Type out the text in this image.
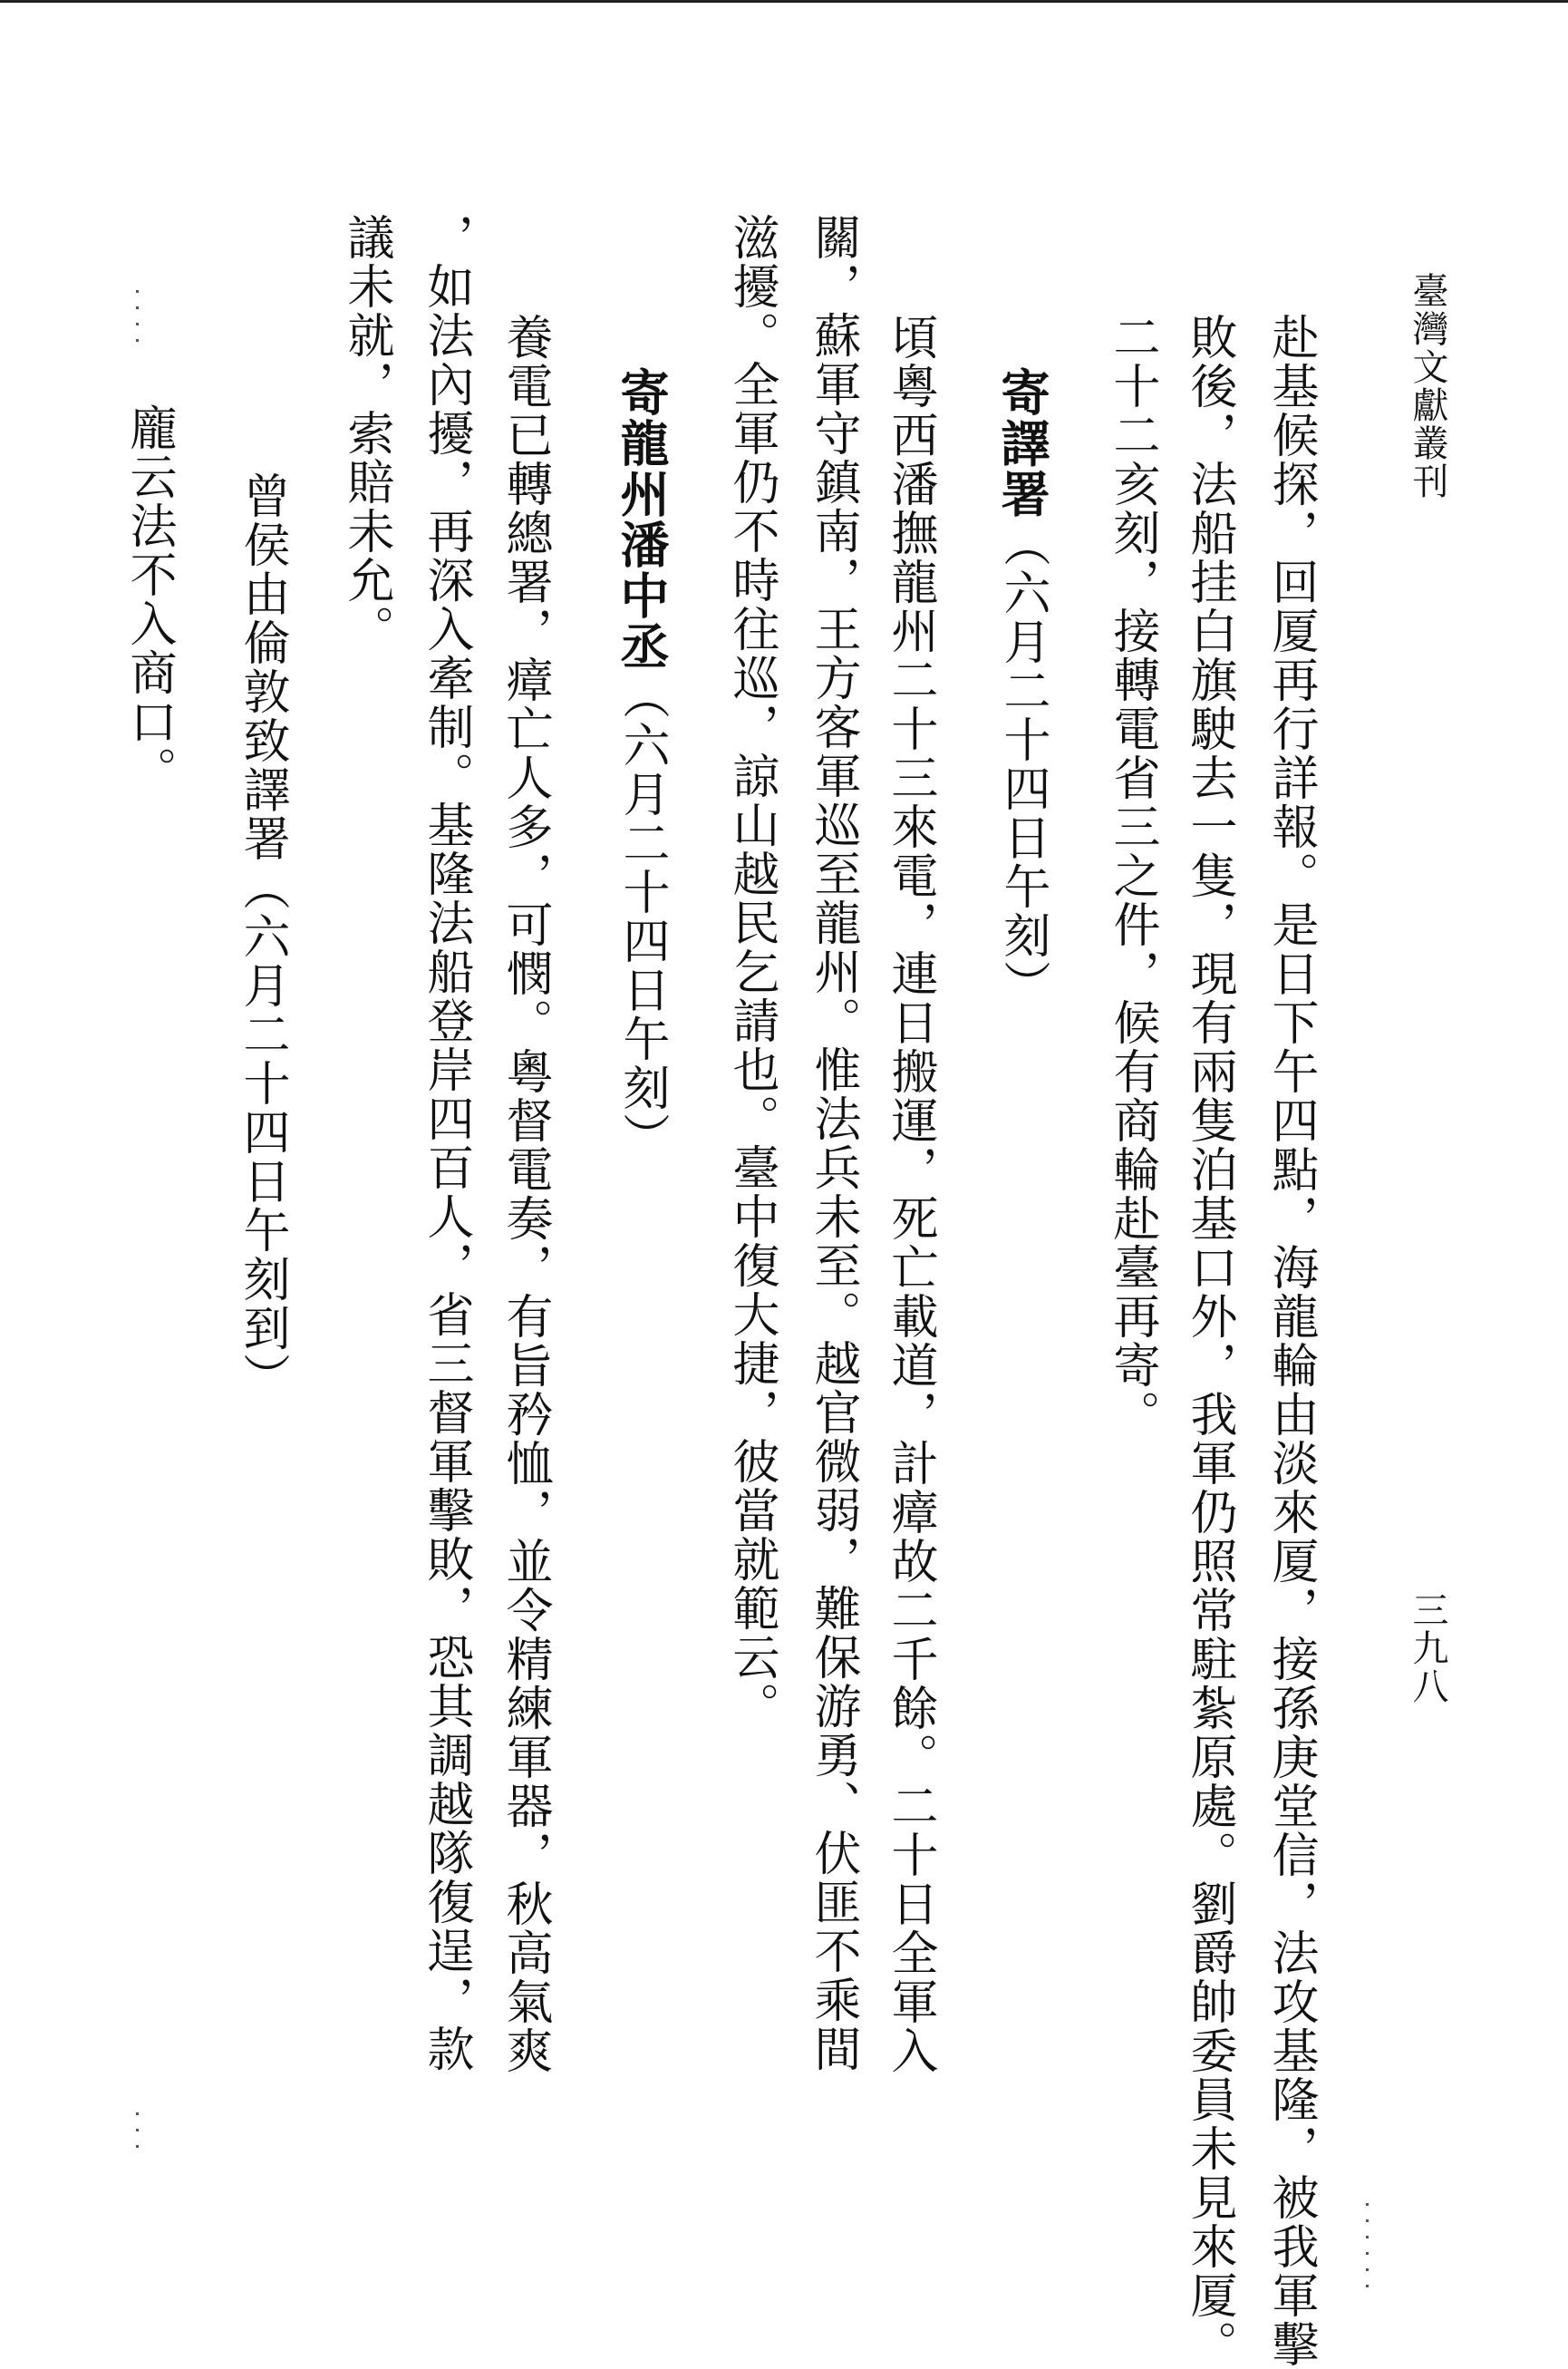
臺灣文獻叢刊
三九八
赴基候探，回厦再行詳報。是日下午四點，海龍輪由淡來厦，接孫庚堂信，法攻基隆，被我軍擊
敗後，法船挂白旗駛去一隻，現有兩隻泊基口外，我軍仍照常駐紮原處。劉爵帥委員未見來厦。
二十二亥刻，接轉電省三之件，候有商輪赴臺再寄。
寄譯署（六月二十四日午刻）
頃粵西潘撫龍州二十三來電，連日搬運，死亡載道，計瘴故二千餘。二十日全軍入
關，蘇軍守鎮南，王方客軍巡至龍州。惟法兵未至。越官微弱，難保游勇、伏匪不乘間
滋擾。全軍仍不時往巡，諒山越民乞請也。臺中復大捷，彼當就範云。
寄龍州潘中丞（六月二十四日午刻）
養電已轉總署，瘴亡人多，可憫。粵督電奏，有旨矜恤，並令精練軍器，秋高氣爽
，如法內擾，再深入牽制。基隆法船登岸四百人，省三督軍擊敗，恐其調越隊復逞，款
議未就，索賠未允。
曾侯由倫敦致譯署（六月二十四日午刻到）
龐云法不入商口。
